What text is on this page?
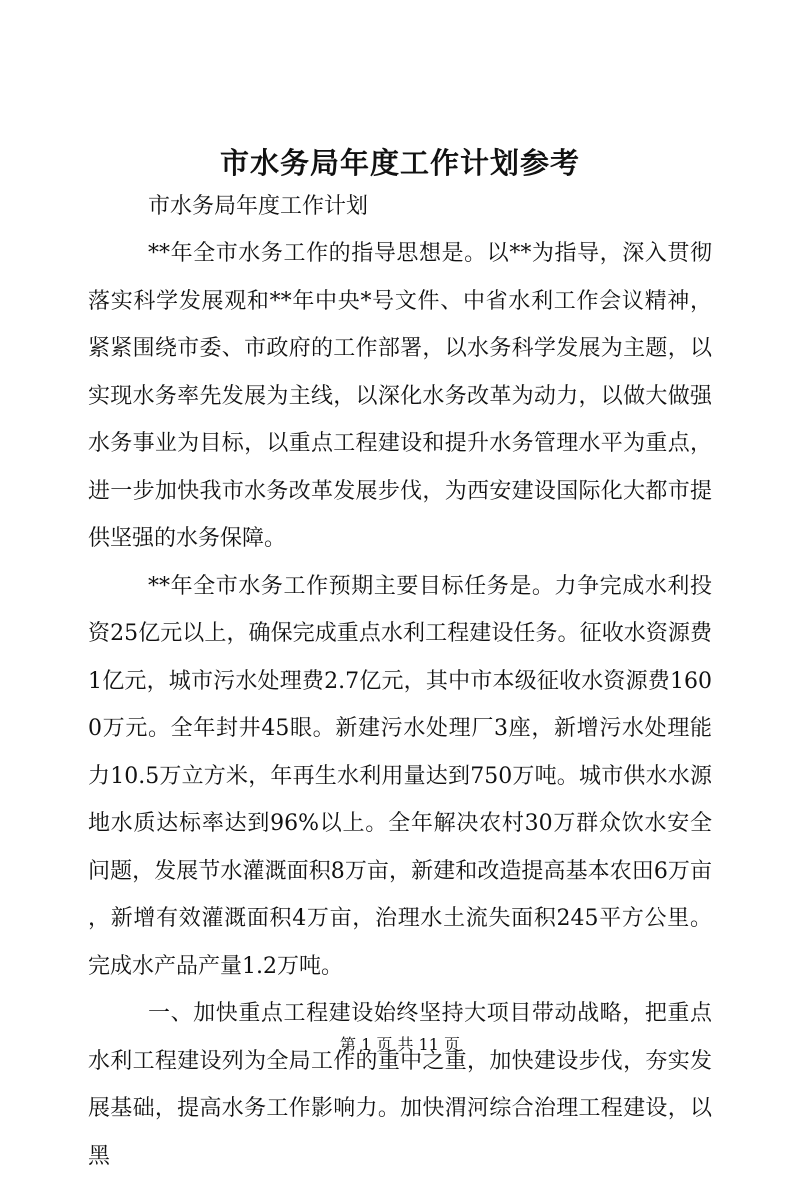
市水务局年度工作计划参考

市水务局年度工作计划

**年全市水务工作的指导思想是。以**为指导，深入贯彻落实科学发展观和**年中央*号文件、中省水利工作会议精神，紧紧围绕市委、市政府的工作部署，以水务科学发展为主题，以实现水务率先发展为主线，以深化水务改革为动力，以做大做强水务事业为目标，以重点工程建设和提升水务管理水平为重点，进一步加快我市水务改革发展步伐，为西安建设国际化大都市提供坚强的水务保障。

**年全市水务工作预期主要目标任务是。力争完成水利投资25亿元以上，确保完成重点水利工程建设任务。征收水资源费1亿元，城市污水处理费2.7亿元，其中市本级征收水资源费1600万元。全年封井45眼。新建污水处理厂3座，新增污水处理能力10.5万立方米，年再生水利用量达到750万吨。城市供水水源地水质达标率达到96%以上。全年解决农村30万群众饮水安全问题，发展节水灌溉面积8万亩，新建和改造提高基本农田6万亩，新增有效灌溉面积4万亩，治理水土流失面积245平方公里。完成水产品产量1.2万吨。

一、加快重点工程建设始终坚持大项目带动战略，把重点水利工程建设列为全局工作的重中之重，加快建设步伐，夯实发展基础，提高水务工作影响力。加快渭河综合治理工程建设，以黑

第 1 页 共 11 页
